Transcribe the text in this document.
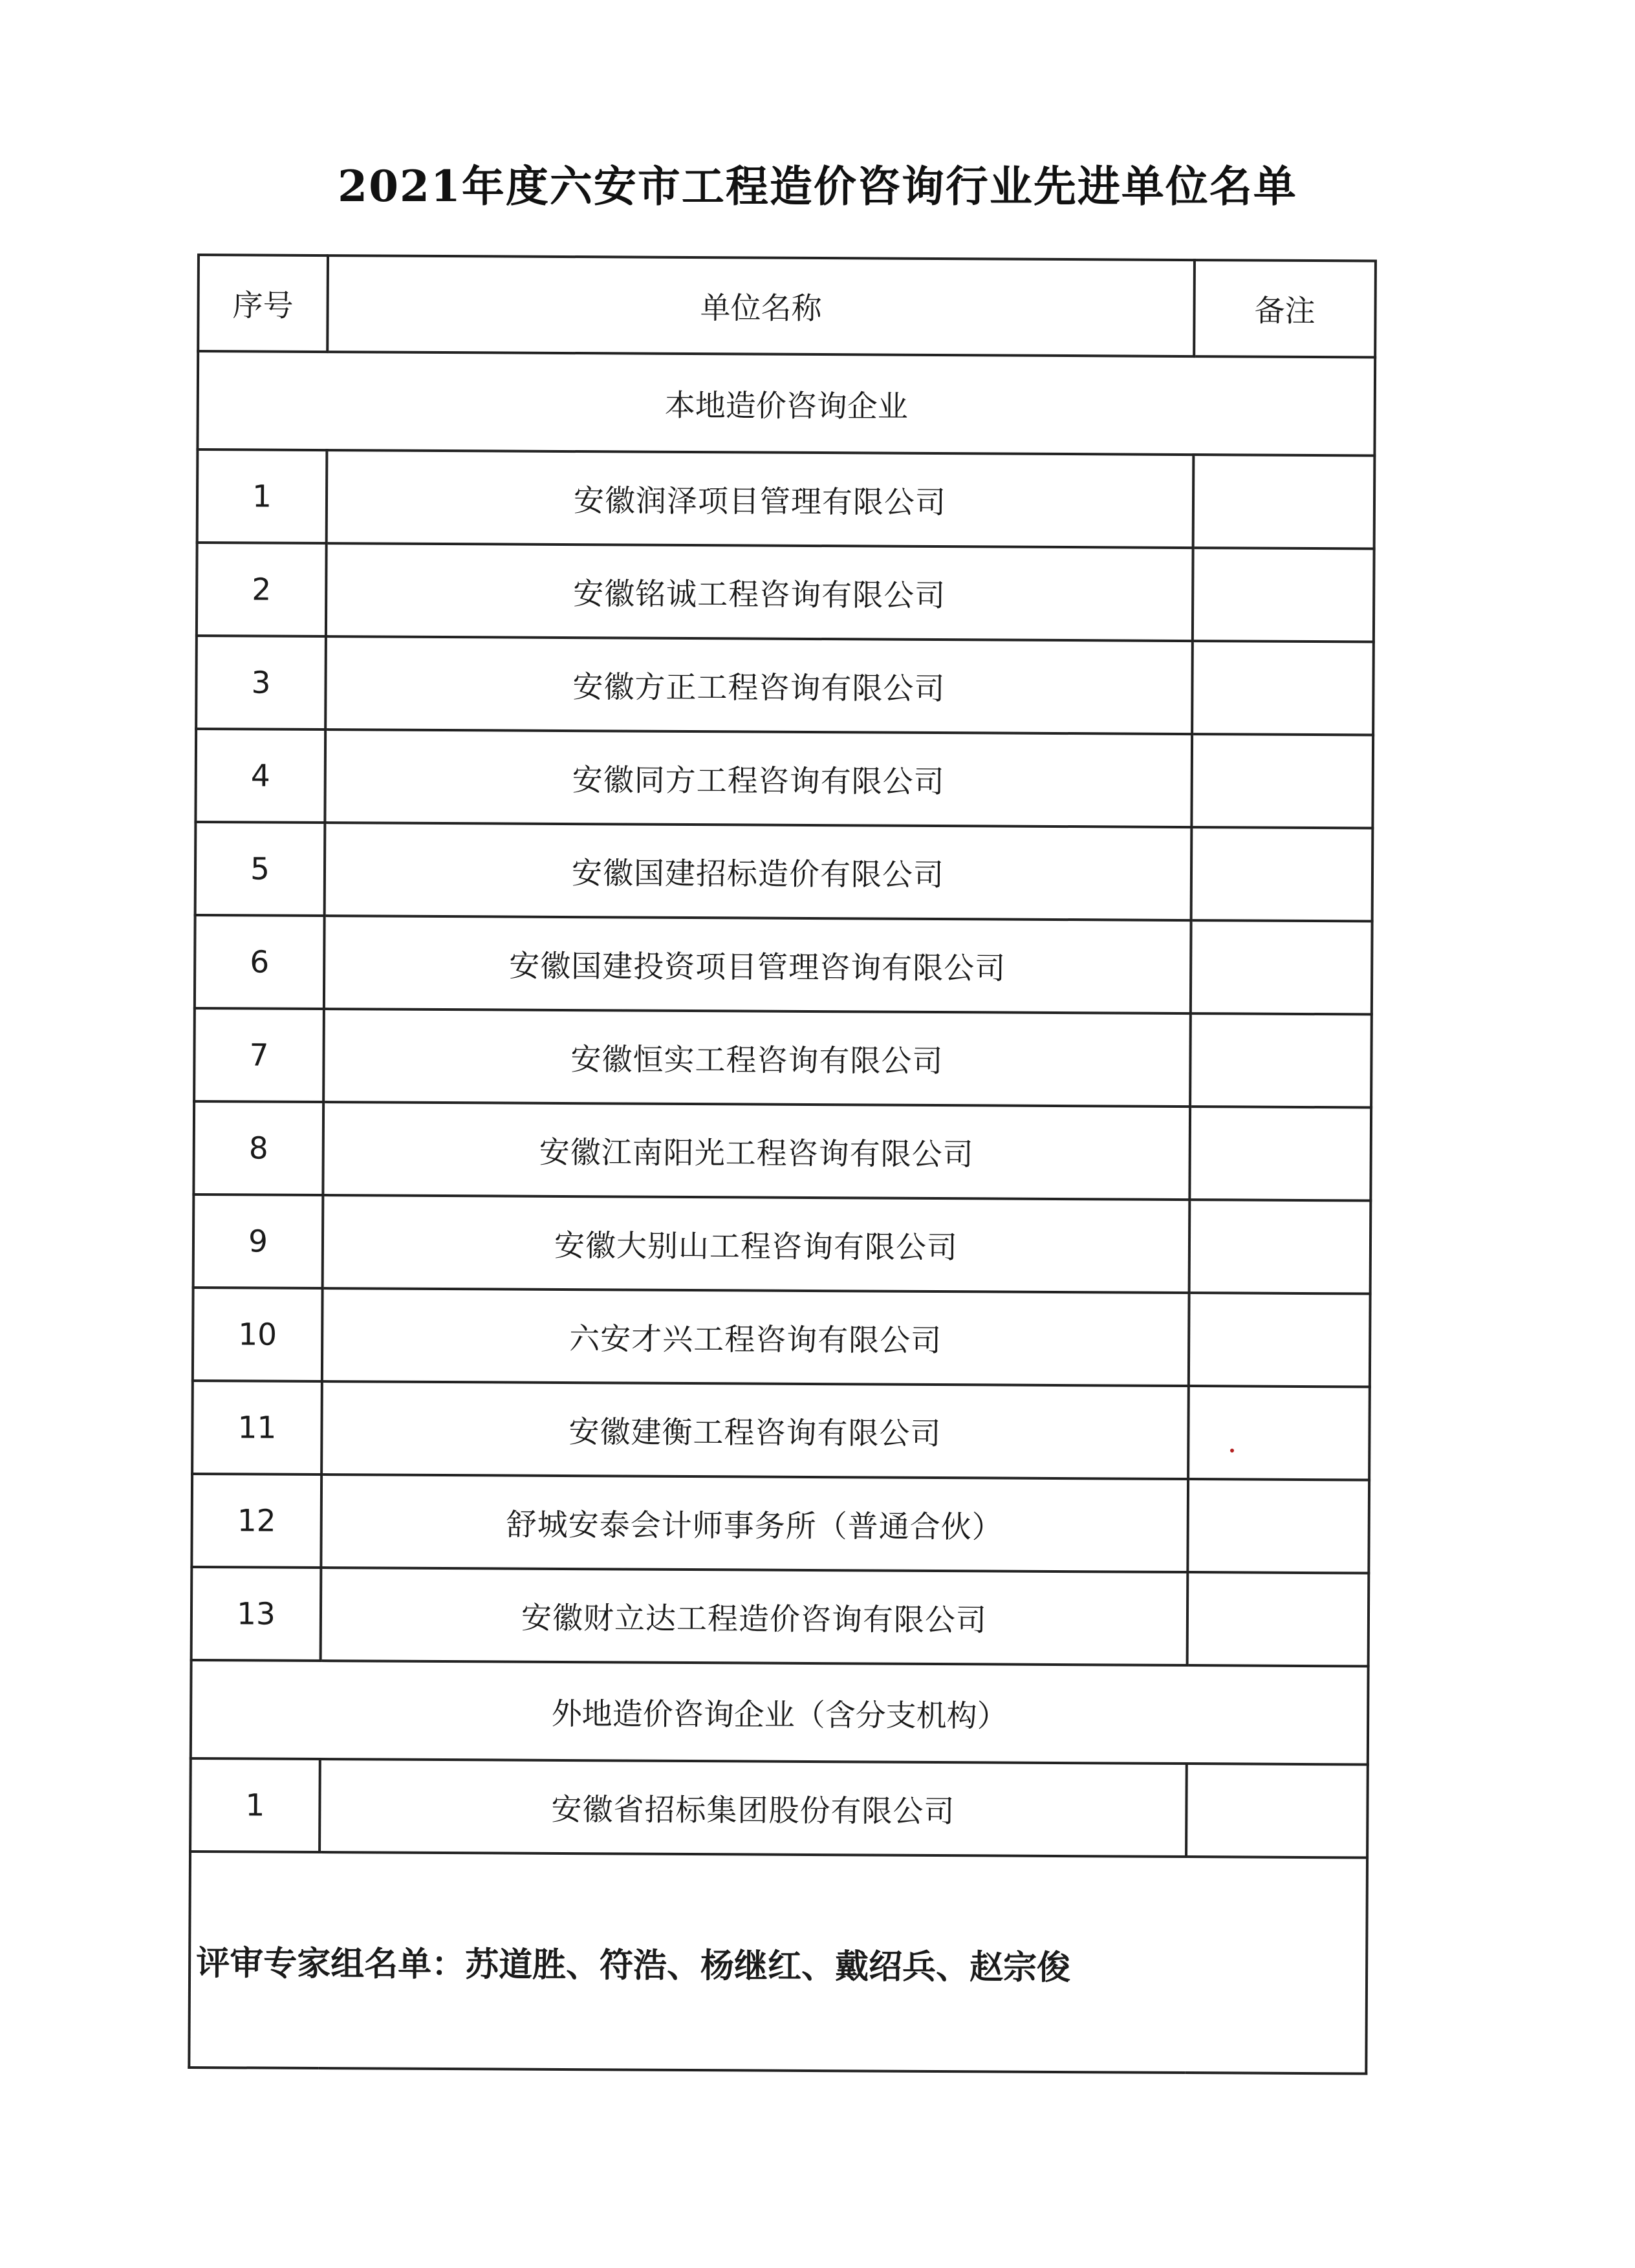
2021年度六安市工程造价咨询行业先进单位名单
序号	单位名称	备注
本地造价咨询企业		
1	安徽润泽项目管理有限公司	
2	安徽铭诚工程咨询有限公司	
3	安徽方正工程咨询有限公司	
4	安徽同方工程咨询有限公司	
5	安徽国建招标造价有限公司	
6	安徽国建投资项目管理咨询有限公司	
7	安徽恒实工程咨询有限公司	
8	安徽江南阳光工程咨询有限公司	
9	安徽大别山工程咨询有限公司	
10	六安才兴工程咨询有限公司	
11	安徽建衡工程咨询有限公司	
12	舒城安泰会计师事务所（普通合伙）	
13	安徽财立达工程造价咨询有限公司	
外地造价咨询企业（含分支机构）		
1	安徽省招标集团股份有限公司	
评审专家组名单：苏道胜、符浩、杨继红、戴绍兵、赵宗俊		
